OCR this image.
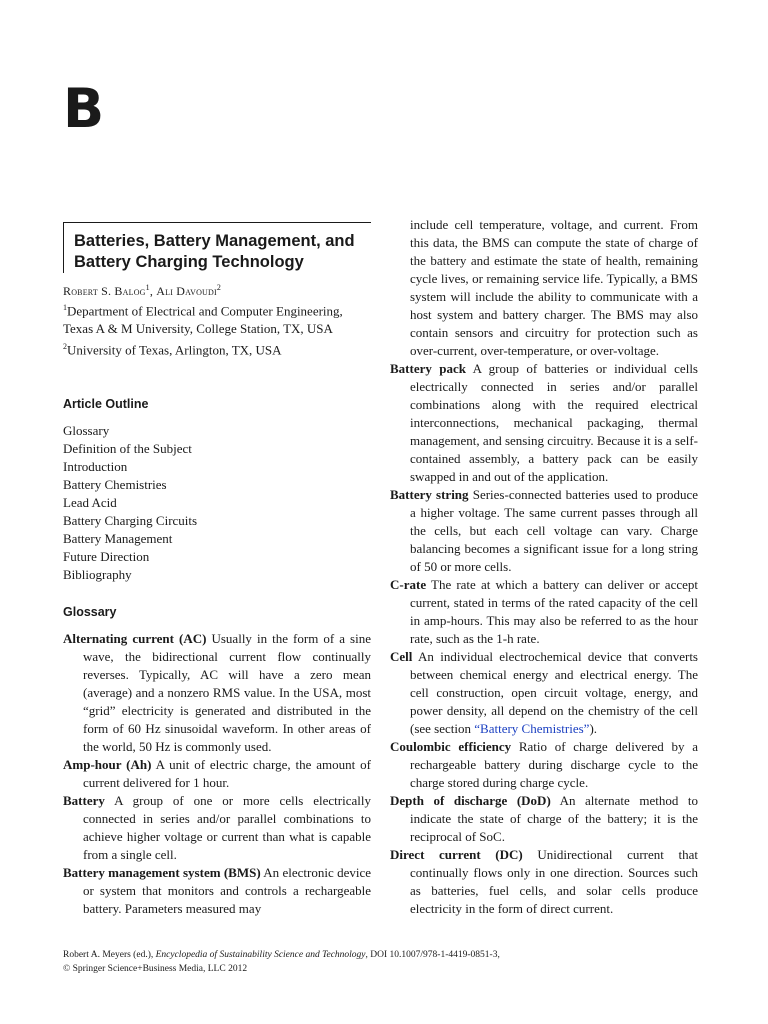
B
Batteries, Battery Management, and Battery Charging Technology
Robert S. Balog$^1$, Ali Davoudi$^2$
$^1$Department of Electrical and Computer Engineering, Texas A & M University, College Station, TX, USA
$^2$University of Texas, Arlington, TX, USA
Article Outline
Glossary
Definition of the Subject
Introduction
Battery Chemistries
Lead Acid
Battery Charging Circuits
Battery Management
Future Direction
Bibliography
Glossary
Alternating current (AC) Usually in the form of a sine wave, the bidirectional current flow continually reverses. Typically, AC will have a zero mean (average) and a nonzero RMS value. In the USA, most “grid” electricity is generated and distributed in the form of 60 Hz sinusoidal waveform. In other areas of the world, 50 Hz is commonly used.
Amp-hour (Ah) A unit of electric charge, the amount of current delivered for 1 hour.
Battery A group of one or more cells electrically connected in series and/or parallel combinations to achieve higher voltage or current than what is capable from a single cell.
Battery management system (BMS) An electronic device or system that monitors and controls a rechargeable battery. Parameters measured may
include cell temperature, voltage, and current. From this data, the BMS can compute the state of charge of the battery and estimate the state of health, remaining cycle lives, or remaining service life. Typically, a BMS system will include the ability to communicate with a host system and battery charger. The BMS may also contain sensors and circuitry for protection such as over-current, over-temperature, or over-voltage.
Battery pack A group of batteries or individual cells electrically connected in series and/or parallel combinations along with the required electrical interconnections, mechanical packaging, thermal management, and sensing circuitry. Because it is a self-contained assembly, a battery pack can be easily swapped in and out of the application.
Battery string Series-connected batteries used to produce a higher voltage. The same current passes through all the cells, but each cell voltage can vary. Charge balancing becomes a significant issue for a long string of 50 or more cells.
C-rate The rate at which a battery can deliver or accept current, stated in terms of the rated capacity of the cell in amp-hours. This may also be referred to as the hour rate, such as the 1-h rate.
Cell An individual electrochemical device that converts between chemical energy and electrical energy. The cell construction, open circuit voltage, energy, and power density, all depend on the chemistry of the cell (see section “Battery Chemistries”).
Coulombic efficiency Ratio of charge delivered by a rechargeable battery during discharge cycle to the charge stored during charge cycle.
Depth of discharge (DoD) An alternate method to indicate the state of charge of the battery; it is the reciprocal of SoC.
Direct current (DC) Unidirectional current that continually flows only in one direction. Sources such as batteries, fuel cells, and solar cells produce electricity in the form of direct current.
Robert A. Meyers (ed.), Encyclopedia of Sustainability Science and Technology, DOI 10.1007/978-1-4419-0851-3,
© Springer Science+Business Media, LLC 2012
